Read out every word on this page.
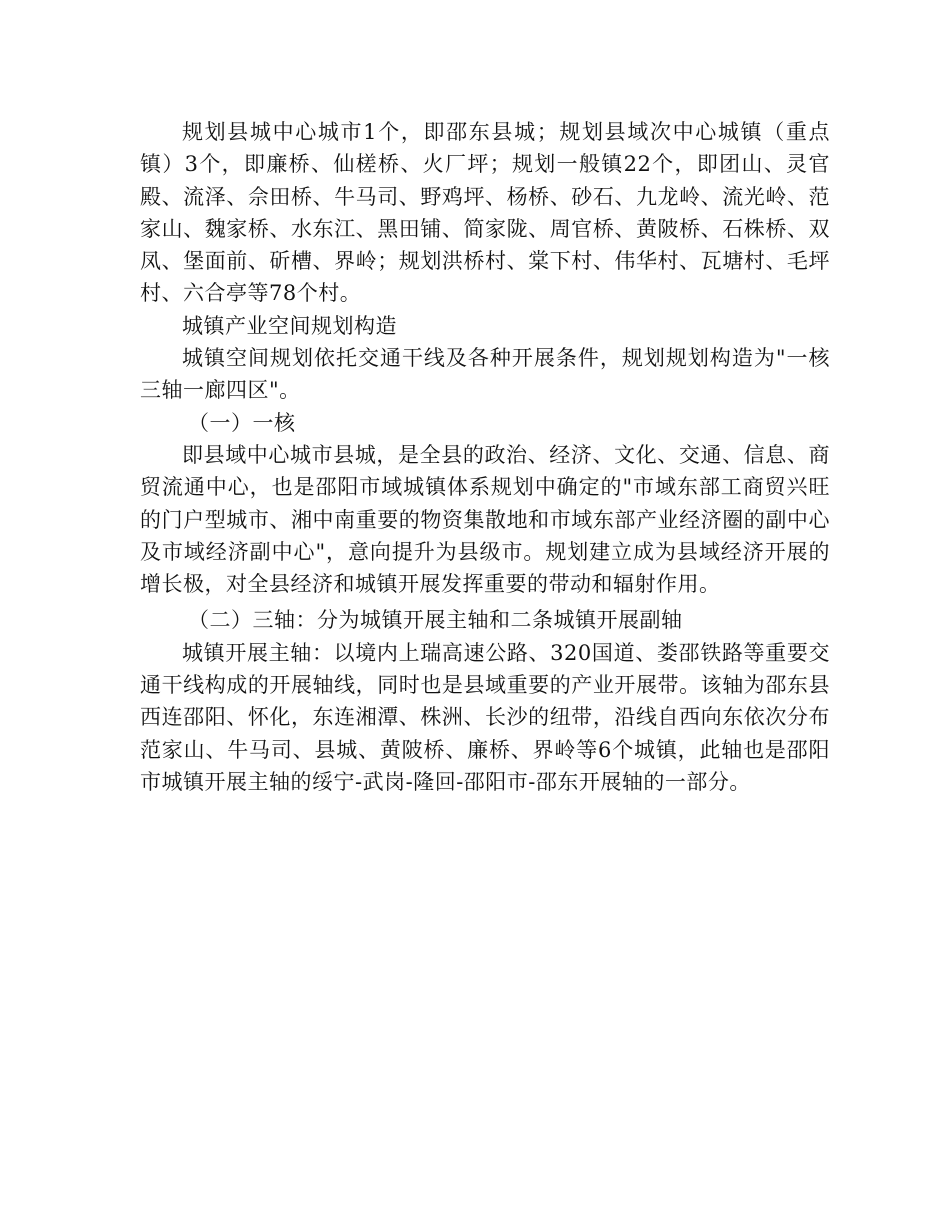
规划县城中心城市1个，即邵东县城；规划县域次中心城镇（重点镇）3个，即廉桥、仙槎桥、火厂坪；规划一般镇22个，即团山、灵官殿、流泽、佘田桥、牛马司、野鸡坪、杨桥、砂石、九龙岭、流光岭、范家山、魏家桥、水东江、黑田铺、简家陇、周官桥、黄陂桥、石株桥、双凤、堡面前、斫槽、界岭；规划洪桥村、棠下村、伟华村、瓦塘村、毛坪村、六合亭等78个村。

城镇产业空间规划构造

城镇空间规划依托交通干线及各种开展条件，规划规划构造为"一核三轴一廊四区"。

（一）一核

即县域中心城市县城，是全县的政治、经济、文化、交通、信息、商贸流通中心，也是邵阳市域城镇体系规划中确定的"市域东部工商贸兴旺的门户型城市、湘中南重要的物资集散地和市域东部产业经济圈的副中心及市域经济副中心"，意向提升为县级市。规划建立成为县域经济开展的增长极，对全县经济和城镇开展发挥重要的带动和辐射作用。

（二）三轴：分为城镇开展主轴和二条城镇开展副轴

城镇开展主轴：以境内上瑞高速公路、320国道、娄邵铁路等重要交通干线构成的开展轴线，同时也是县域重要的产业开展带。该轴为邵东县西连邵阳、怀化，东连湘潭、株洲、长沙的纽带，沿线自西向东依次分布范家山、牛马司、县城、黄陂桥、廉桥、界岭等6个城镇，此轴也是邵阳市城镇开展主轴的绥宁-武岗-隆回-邵阳市-邵东开展轴的一部分。
